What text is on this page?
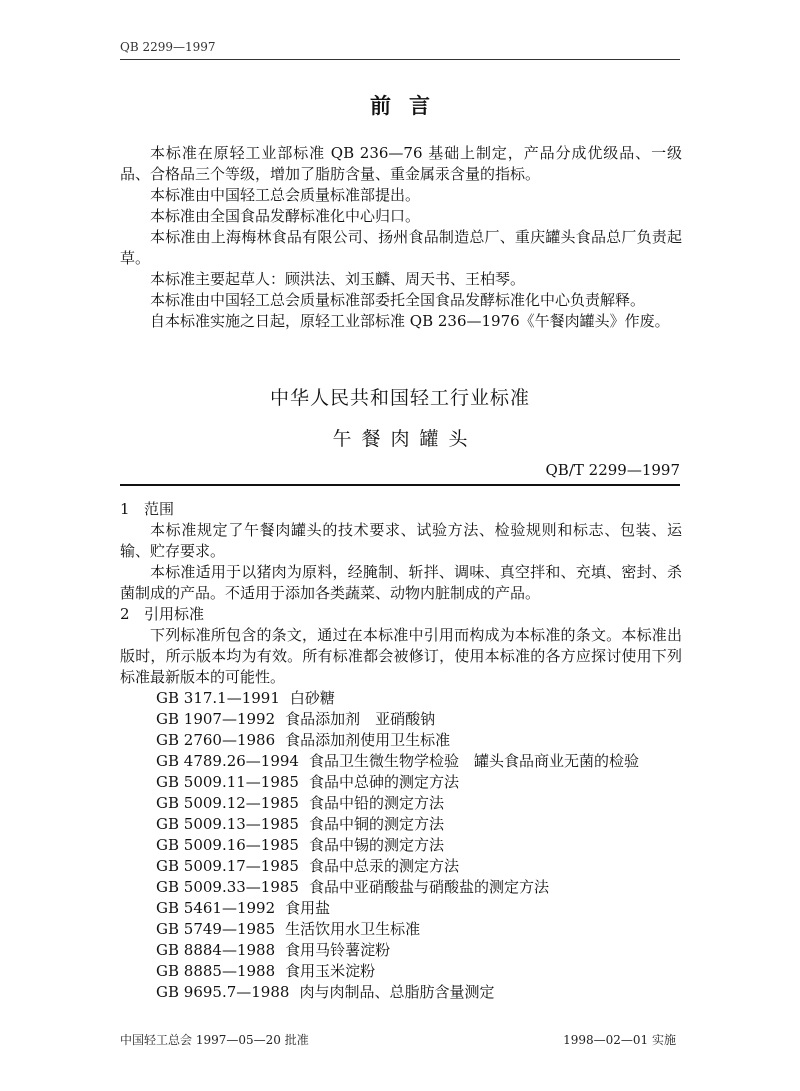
QB 2299—1997
前言

本标准在原轻工业部标准 QB 236—76 基础上制定，产品分成优级品、一级品、合格品三个等级，增加了脂肪含量、重金属汞含量的指标。

本标准由中国轻工总会质量标准部提出。

本标准由全国食品发酵标准化中心归口。

本标准由上海梅林食品有限公司、扬州食品制造总厂、重庆罐头食品总厂负责起草。

本标准主要起草人：顾洪法、刘玉麟、周天书、王柏琴。

本标准由中国轻工总会质量标准部委托全国食品发酵标准化中心负责解释。

自本标准实施之日起，原轻工业部标准 QB 236—1976《午餐肉罐头》作废。

中华人民共和国轻工行业标准
午餐肉罐头
QB/T 2299—1997

1 范围

本标准规定了午餐肉罐头的技术要求、试验方法、检验规则和标志、包装、运输、贮存要求。

本标准适用于以猪肉为原料，经腌制、斩拌、调味、真空拌和、充填、密封、杀菌制成的产品。不适用于添加各类蔬菜、动物内脏制成的产品。

2 引用标准

下列标准所包含的条文，通过在本标准中引用而构成为本标准的条文。本标准出版时，所示版本均为有效。所有标准都会被修订，使用本标准的各方应探讨使用下列标准最新版本的可能性。

GB 317.1—1991 白砂糖
GB 1907—1992 食品添加剂　亚硝酸钠
GB 2760—1986 食品添加剂使用卫生标准
GB 4789.26—1994 食品卫生微生物学检验　罐头食品商业无菌的检验
GB 5009.11—1985 食品中总砷的测定方法
GB 5009.12—1985 食品中铅的测定方法
GB 5009.13—1985 食品中铜的测定方法
GB 5009.16—1985 食品中锡的测定方法
GB 5009.17—1985 食品中总汞的测定方法
GB 5009.33—1985 食品中亚硝酸盐与硝酸盐的测定方法
GB 5461—1992 食用盐
GB 5749—1985 生活饮用水卫生标准
GB 8884—1988 食用马铃薯淀粉
GB 8885—1988 食用玉米淀粉
GB 9695.7—1988 肉与肉制品、总脂肪含量测定
中国轻工总会 1997—05—20 批准	1998—02—01 实施
